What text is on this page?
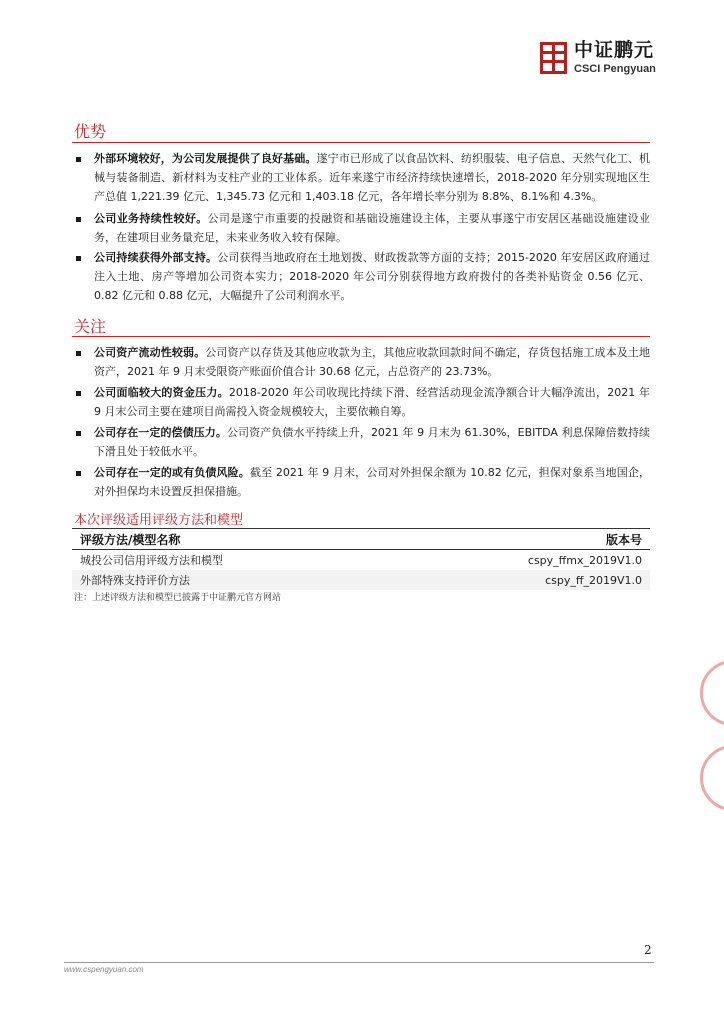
中证鹏元
CSCI Pengyuan
优势
外部环境较好，为公司发展提供了良好基础。遂宁市已形成了以食品饮料、纺织服装、电子信息、天然气化工、机械与装备制造、新材料为支柱产业的工业体系。近年来遂宁市经济持续快速增长，2018-2020 年分别实现地区生产总值 1,221.39 亿元、1,345.73 亿元和 1,403.18 亿元，各年增长率分别为 8.8%、8.1%和 4.3%。
公司业务持续性较好。公司是遂宁市重要的投融资和基础设施建设主体，主要从事遂宁市安居区基础设施建设业务，在建项目业务量充足，未来业务收入较有保障。
公司持续获得外部支持。公司获得当地政府在土地划拨、财政拨款等方面的支持；2015-2020 年安居区政府通过注入土地、房产等增加公司资本实力；2018-2020 年公司分别获得地方政府拨付的各类补贴资金 0.56 亿元、0.82 亿元和 0.88 亿元，大幅提升了公司利润水平。
关注
公司资产流动性较弱。公司资产以存货及其他应收款为主，其他应收款回款时间不确定，存货包括施工成本及土地资产，2021 年 9 月末受限资产账面价值合计 30.68 亿元，占总资产的 23.73%。
公司面临较大的资金压力。2018-2020 年公司收现比持续下滑、经营活动现金流净额合计大幅净流出，2021 年 9 月末公司主要在建项目尚需投入资金规模较大，主要依赖自筹。
公司存在一定的偿债压力。公司资产负债水平持续上升，2021 年 9 月末为 61.30%，EBITDA 利息保障倍数持续下滑且处于较低水平。
公司存在一定的或有负债风险。截至 2021 年 9 月末，公司对外担保余额为 10.82 亿元，担保对象系当地国企，对外担保均未设置反担保措施。
本次评级适用评级方法和模型
评级方法/模型名称	版本号
城投公司信用评级方法和模型	cspy_ffmx_2019V1.0
外部特殊支持评价方法	cspy_ff_2019V1.0
注：上述评级方法和模型已披露于中证鹏元官方网站
2
www.cspengyuan.com
